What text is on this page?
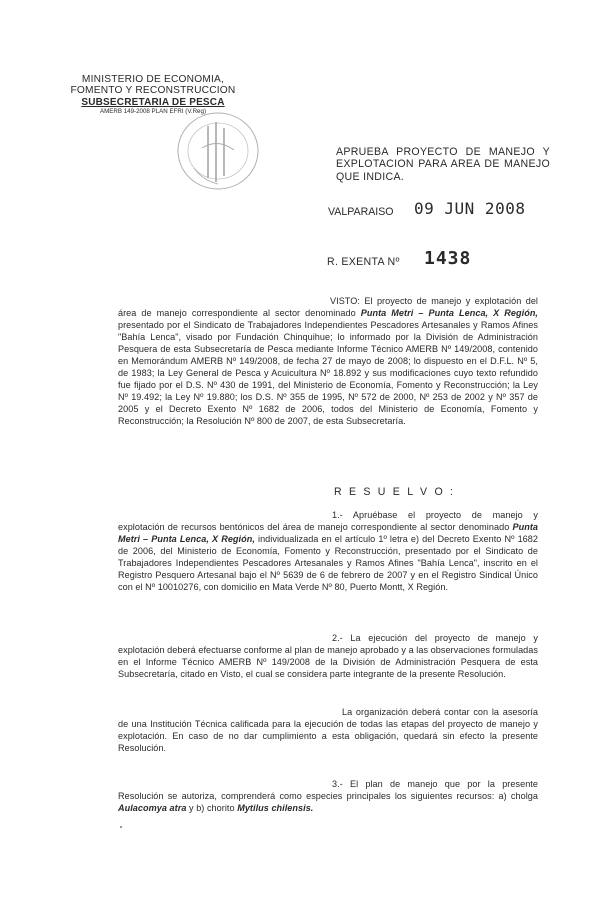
MINISTERIO DE ECONOMIA,
FOMENTO Y RECONSTRUCCION
SUBSECRETARIA DE PESCA
AMERB 149-2008 PLAN EFRI (V.Reg)
APRUEBA PROYECTO DE MANEJO Y EXPLOTACION PARA AREA DE MANEJO QUE INDICA.
VALPARAISO 09 JUN 2008
R. EXENTA Nº 1438
VISTO: El proyecto de manejo y explotación del área de manejo correspondiente al sector denominado Punta Metri – Punta Lenca, X Región, presentado por el Sindicato de Trabajadores Independientes Pescadores Artesanales y Ramos Afines "Bahía Lenca", visado por Fundación Chinquihue; lo informado por la División de Administración Pesquera de esta Subsecretaría de Pesca mediante Informe Técnico AMERB Nº 149/2008, contenido en Memorándum AMERB Nº 149/2008, de fecha 27 de mayo de 2008; lo dispuesto en el D.F.L. Nº 5, de 1983; la Ley General de Pesca y Acuicultura Nº 18.892 y sus modificaciones cuyo texto refundido fue fijado por el D.S. Nº 430 de 1991, del Ministerio de Economía, Fomento y Reconstrucción; la Ley Nº 19.492; la Ley Nº 19.880; los D.S. Nº 355 de 1995, Nº 572 de 2000, Nº 253 de 2002 y Nº 357 de 2005 y el Decreto Exento Nº 1682 de 2006, todos del Ministerio de Economía, Fomento y Reconstrucción; la Resolución Nº 800 de 2007, de esta Subsecretaría.
R E S U E L V O :
1.- Apruébase el proyecto de manejo y explotación de recursos bentónicos del área de manejo correspondiente al sector denominado Punta Metri – Punta Lenca, X Región, individualizada en el artículo 1º letra e) del Decreto Exento Nº 1682 de 2006, del Ministerio de Economía, Fomento y Reconstrucción, presentado por el Sindicato de Trabajadores Independientes Pescadores Artesanales y Ramos Afines "Bahía Lenca", inscrito en el Registro Pesquero Artesanal bajo el Nº 5639 de 6 de febrero de 2007 y en el Registro Sindical Único con el Nº 10010276, con domicilio en Mata Verde Nº 80, Puerto Montt, X Región.
2.- La ejecución del proyecto de manejo y explotación deberá efectuarse conforme al plan de manejo aprobado y a las observaciones formuladas en el Informe Técnico AMERB Nº 149/2008 de la División de Administración Pesquera de esta Subsecretaría, citado en Visto, el cual se considera parte integrante de la presente Resolución.
La organización deberá contar con la asesoría de una Institución Técnica calificada para la ejecución de todas las etapas del proyecto de manejo y explotación. En caso de no dar cumplimiento a esta obligación, quedará sin efecto la presente Resolución.
3.- El plan de manejo que por la presente Resolución se autoriza, comprenderá como especies principales los siguientes recursos: a) cholga Aulacomya atra y b) chorito Mytilus chilensis.
